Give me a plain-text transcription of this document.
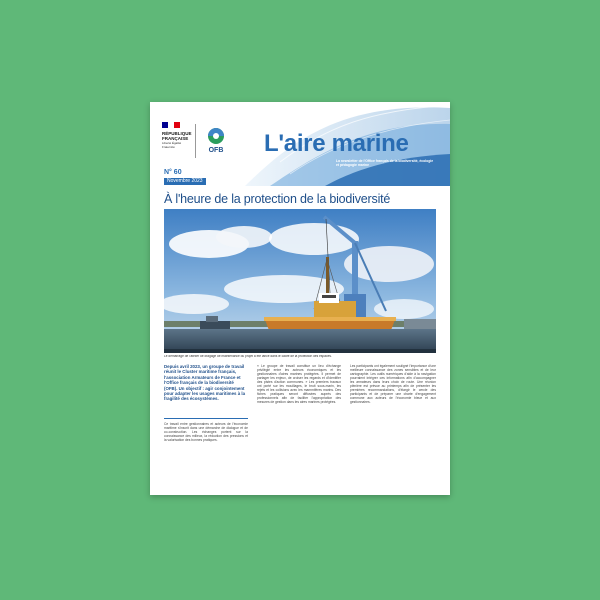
RÉPUBLIQUE
FRANÇAISE
Liberté Égalité Fraternité
OFB L'aire marine
La newsletter de l'Office français de la biodiversité, écologie et pédagogie marine
N° 60
Novembre 2023
À l'heure de la protection de la biodiversité
Le démarrage de l'atelier de dragage de maintenance du projet a été lancé dans le cadre de la protection des espaces.
Depuis avril 2023, un groupe de travail réunit le Cluster maritime français, l'association Armateurs de France et l'Office français de la biodiversité (OFB). Un objectif : agir conjointement pour adapter les usages maritimes à la fragilité des écosystèmes.
Ce travail entre gestionnaires et acteurs de l'économie maritime s'inscrit dans une démarche de dialogue et de co-construction. Les échanges portent sur la connaissance des milieux, la réduction des pressions et la valorisation des bonnes pratiques.
« Le groupe de travail constitue un lieu d'échange privilégié entre les acteurs économiques et les gestionnaires d'aires marines protégées. Il permet de partager les enjeux, de croiser les regards et d'identifier des pistes d'action communes. » Les premiers travaux ont porté sur les mouillages, le bruit sous-marin, les rejets et les collisions avec les mammifères marins. Des fiches pratiques seront diffusées auprès des professionnels afin de faciliter l'appropriation des mesures de gestion dans les aires marines protégées.
Les participants ont également souligné l'importance d'une meilleure connaissance des zones sensibles et de leur cartographie. Les outils numériques d'aide à la navigation pourraient intégrer ces informations afin d'accompagner les armateurs dans leurs choix de route. Une réunion plénière est prévue au printemps afin de présenter les premières recommandations, d'élargir le cercle des participants et de préparer une charte d'engagement commune aux acteurs de l'économie bleue et aux gestionnaires.
